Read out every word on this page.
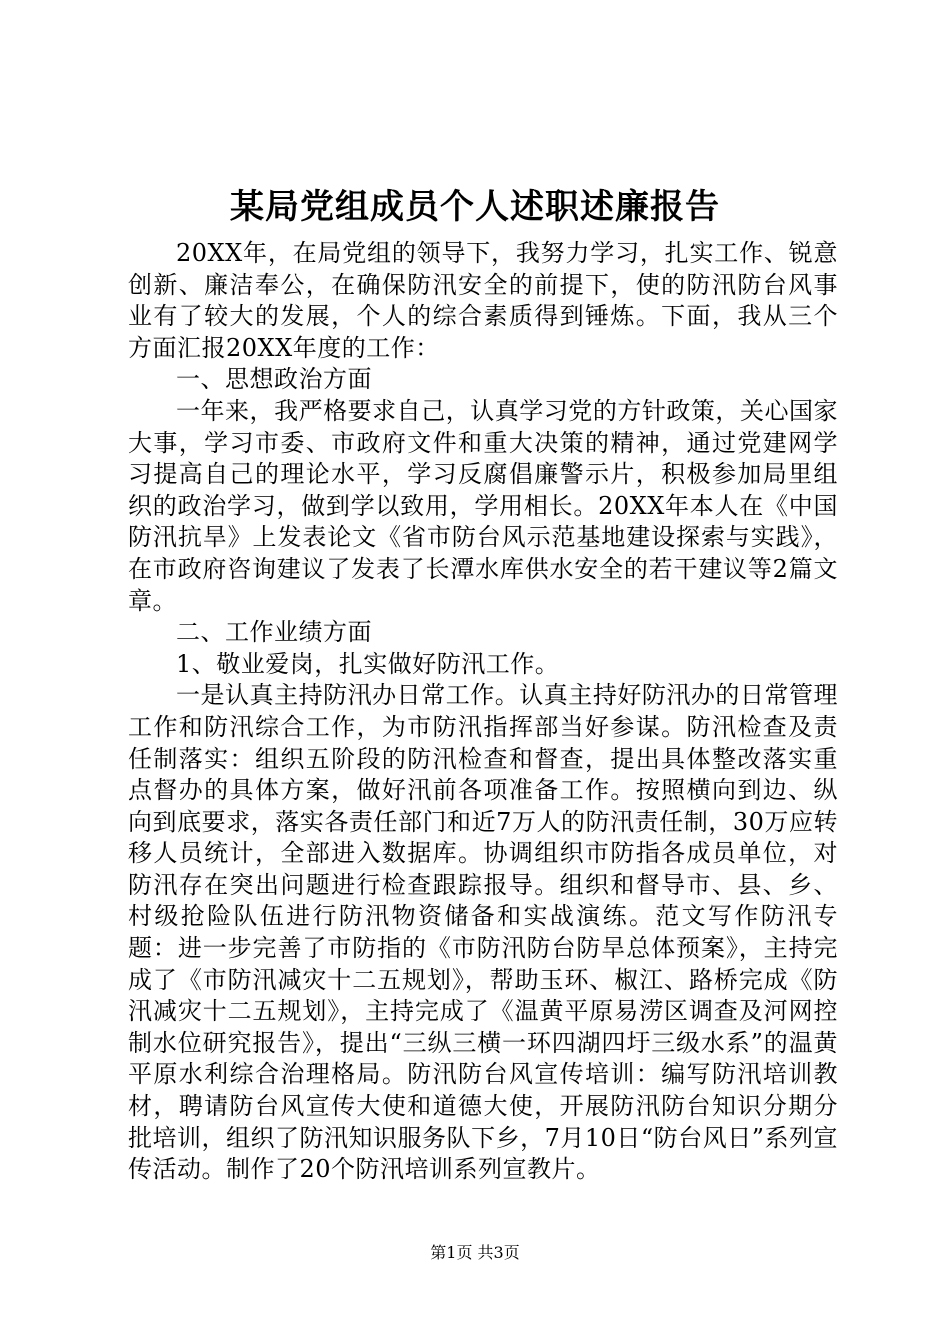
某局党组成员个人述职述廉报告

20XX年，在局党组的领导下，我努力学习，扎实工作、锐意创新、廉洁奉公，在确保防汛安全的前提下，使的防汛防台风事业有了较大的发展，个人的综合素质得到锤炼。下面，我从三个方面汇报20XX年度的工作：

一、思想政治方面

一年来，我严格要求自己，认真学习党的方针政策，关心国家大事，学习市委、市政府文件和重大决策的精神，通过党建网学习提高自己的理论水平，学习反腐倡廉警示片，积极参加局里组织的政治学习，做到学以致用，学用相长。20XX年本人在《中国防汛抗旱》上发表论文《省市防台风示范基地建设探索与实践》，在市政府咨询建议了发表了长潭水库供水安全的若干建议等2篇文章。

二、工作业绩方面

1、敬业爱岗，扎实做好防汛工作。

一是认真主持防汛办日常工作。认真主持好防汛办的日常管理工作和防汛综合工作，为市防汛指挥部当好参谋。防汛检查及责任制落实：组织五阶段的防汛检查和督查，提出具体整改落实重点督办的具体方案，做好汛前各项准备工作。按照横向到边、纵向到底要求，落实各责任部门和近7万人的防汛责任制，30万应转移人员统计，全部进入数据库。协调组织市防指各成员单位，对防汛存在突出问题进行检查跟踪报导。组织和督导市、县、乡、村级抢险队伍进行防汛物资储备和实战演练。范文写作防汛专题：进一步完善了市防指的《市防汛防台防旱总体预案》，主持完成了《市防汛减灾十二五规划》，帮助玉环、椒江、路桥完成《防汛减灾十二五规划》，主持完成了《温黄平原易涝区调查及河网控制水位研究报告》，提出“三纵三横一环四湖四圩三级水系”的温黄平原水利综合治理格局。防汛防台风宣传培训：编写防汛培训教材，聘请防台风宣传大使和道德大使，开展防汛防台知识分期分批培训，组织了防汛知识服务队下乡，7月10日“防台风日”系列宣传活动。制作了20个防汛培训系列宣教片。

第1页 共3页
